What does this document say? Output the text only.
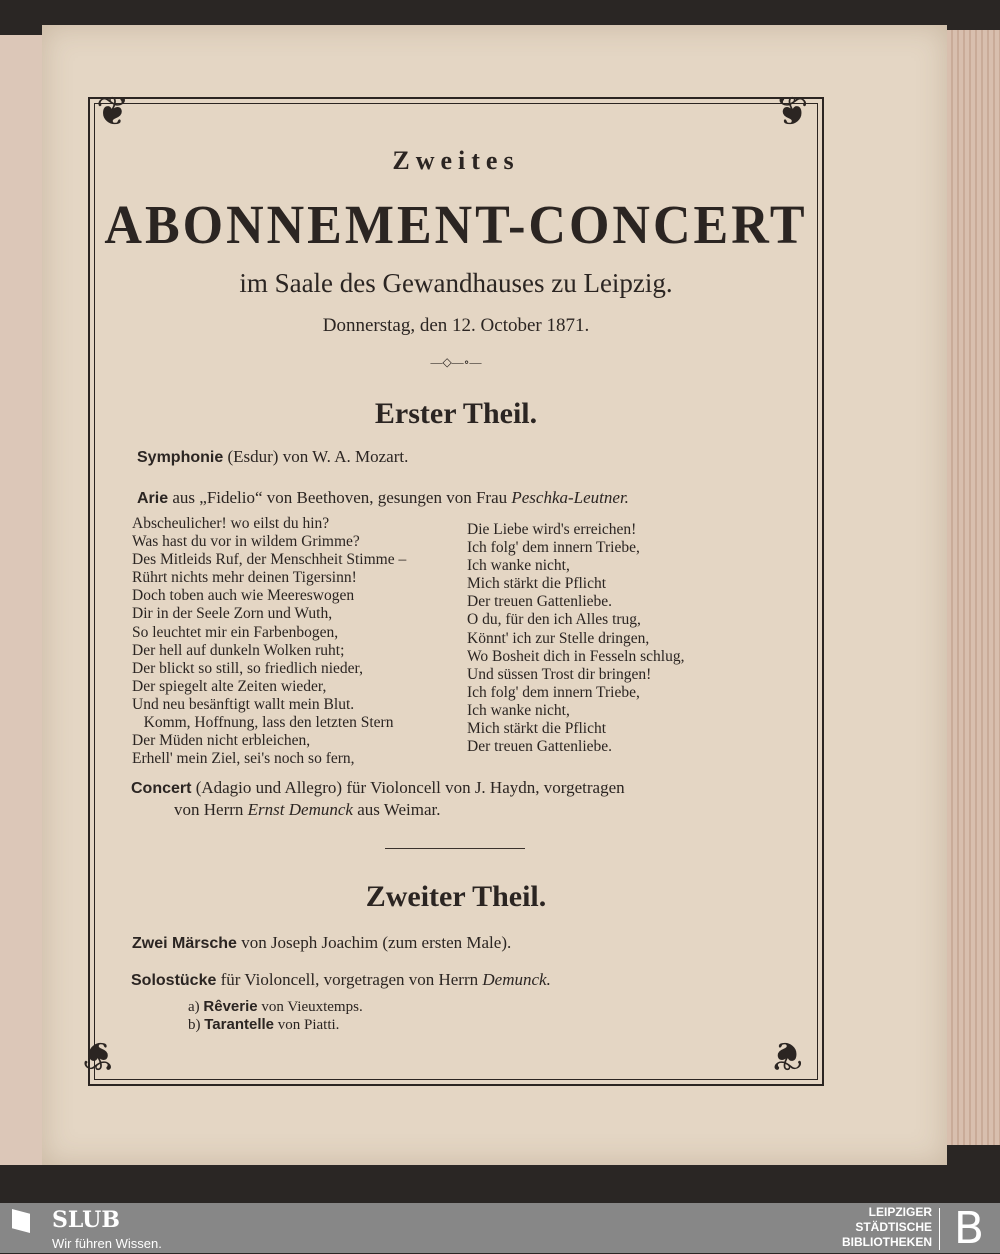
❦	❦
❦	❦
Zweites
ABONNEMENT-CONCERT
im Saale des Gewandhauses zu Leipzig.
Donnerstag, den 12. October 1871.
—◇—∘—
Erster Theil.
Symphonie (Esdur) von W. A. Mozart.
Arie aus „Fidelio“ von Beethoven, gesungen von Frau Peschka-Leutner.
Abscheulicher! wo eilst du hin?
Was hast du vor in wildem Grimme?
Des Mitleids Ruf, der Menschheit Stimme –
Rührt nichts mehr deinen Tigersinn!
Doch toben auch wie Meereswogen
Dir in der Seele Zorn und Wuth,
So leuchtet mir ein Farbenbogen,
Der hell auf dunkeln Wolken ruht;
Der blickt so still, so friedlich nieder,
Der spiegelt alte Zeiten wieder,
Und neu besänftigt wallt mein Blut.
Komm, Hoffnung, lass den letzten Stern
Der Müden nicht erbleichen,
Erhell' mein Ziel, sei's noch so fern,
Die Liebe wird's erreichen!
Ich folg' dem innern Triebe,
Ich wanke nicht,
Mich stärkt die Pflicht
Der treuen Gattenliebe.
O du, für den ich Alles trug,
Könnt' ich zur Stelle dringen,
Wo Bosheit dich in Fesseln schlug,
Und süssen Trost dir bringen!
Ich folg' dem innern Triebe,
Ich wanke nicht,
Mich stärkt die Pflicht
Der treuen Gattenliebe.
Concert (Adagio und Allegro) für Violoncell von J. Haydn, vorgetragen
von Herrn Ernst Demunck aus Weimar.
Zweiter Theil.
Zwei Märsche von Joseph Joachim (zum ersten Male).
Solostücke für Violoncell, vorgetragen von Herrn Demunck.
a) Rêverie von Vieuxtemps.
b) Tarantelle von Piatti.
SLUB
Wir führen Wissen.
LEIPZIGER
STÄDTISCHE
BIBLIOTHEKEN B
